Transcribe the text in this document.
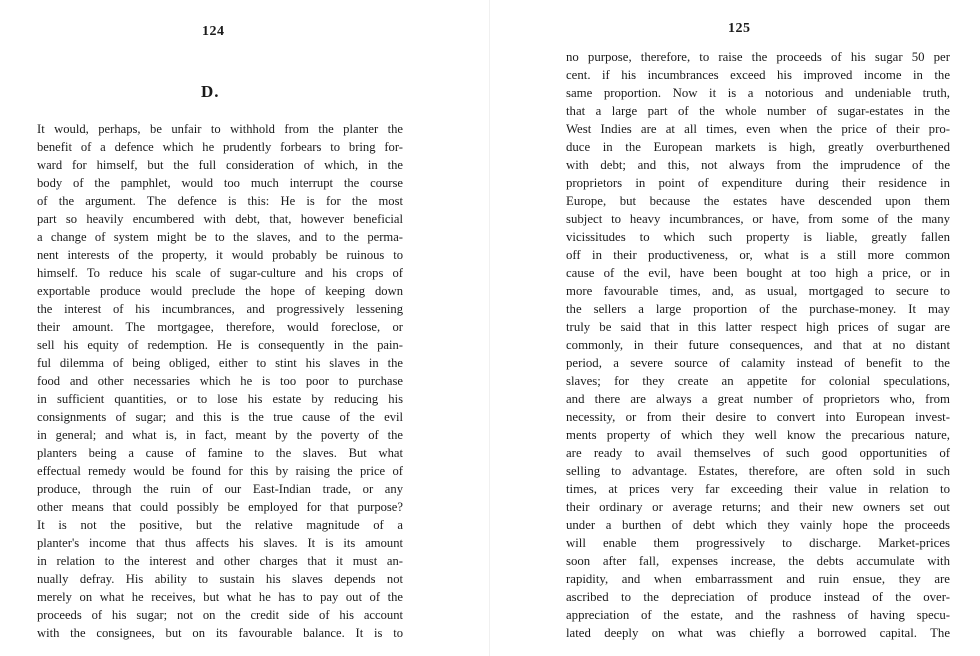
124
D.
It would, perhaps, be unfair to withhold from the planter the
benefit of a defence which he prudently forbears to bring for-
ward for himself, but the full consideration of which, in the
body of the pamphlet, would too much interrupt the course
of the argument. The defence is this: He is for the most
part so heavily encumbered with debt, that, however beneficial
a change of system might be to the slaves, and to the perma-
nent interests of the property, it would probably be ruinous to
himself. To reduce his scale of sugar-culture and his crops of
exportable produce would preclude the hope of keeping down
the interest of his incumbrances, and progressively lessening
their amount. The mortgagee, therefore, would foreclose, or
sell his equity of redemption. He is consequently in the pain-
ful dilemma of being obliged, either to stint his slaves in the
food and other necessaries which he is too poor to purchase
in sufficient quantities, or to lose his estate by reducing his
consignments of sugar; and this is the true cause of the evil
in general; and what is, in fact, meant by the poverty of the
planters being a cause of famine to the slaves. But what
effectual remedy would be found for this by raising the price of
produce, through the ruin of our East-Indian trade, or any
other means that could possibly be employed for that purpose?
It is not the positive, but the relative magnitude of a
planter's income that thus affects his slaves. It is its amount
in relation to the interest and other charges that it must an-
nually defray. His ability to sustain his slaves depends not
merely on what he receives, but what he has to pay out of the
proceeds of his sugar; not on the credit side of his account
with the consignees, but on its favourable balance. It is to
125
no purpose, therefore, to raise the proceeds of his sugar 50 per
cent. if his incumbrances exceed his improved income in the
same proportion. Now it is a notorious and undeniable truth,
that a large part of the whole number of sugar-estates in the
West Indies are at all times, even when the price of their pro-
duce in the European markets is high, greatly overburthened
with debt; and this, not always from the imprudence of the
proprietors in point of expenditure during their residence in
Europe, but because the estates have descended upon them
subject to heavy incumbrances, or have, from some of the many
vicissitudes to which such property is liable, greatly fallen
off in their productiveness, or, what is a still more common
cause of the evil, have been bought at too high a price, or in
more favourable times, and, as usual, mortgaged to secure to
the sellers a large proportion of the purchase-money. It may
truly be said that in this latter respect high prices of sugar are
commonly, in their future consequences, and that at no distant
period, a severe source of calamity instead of benefit to the
slaves; for they create an appetite for colonial speculations,
and there are always a great number of proprietors who, from
necessity, or from their desire to convert into European invest-
ments property of which they well know the precarious nature,
are ready to avail themselves of such good opportunities of
selling to advantage. Estates, therefore, are often sold in such
times, at prices very far exceeding their value in relation to
their ordinary or average returns; and their new owners set out
under a burthen of debt which they vainly hope the proceeds
will enable them progressively to discharge. Market-prices
soon after fall, expenses increase, the debts accumulate with
rapidity, and when embarrassment and ruin ensue, they are
ascribed to the depreciation of produce instead of the over-
appreciation of the estate, and the rashness of having specu-
lated deeply on what was chiefly a borrowed capital. The
